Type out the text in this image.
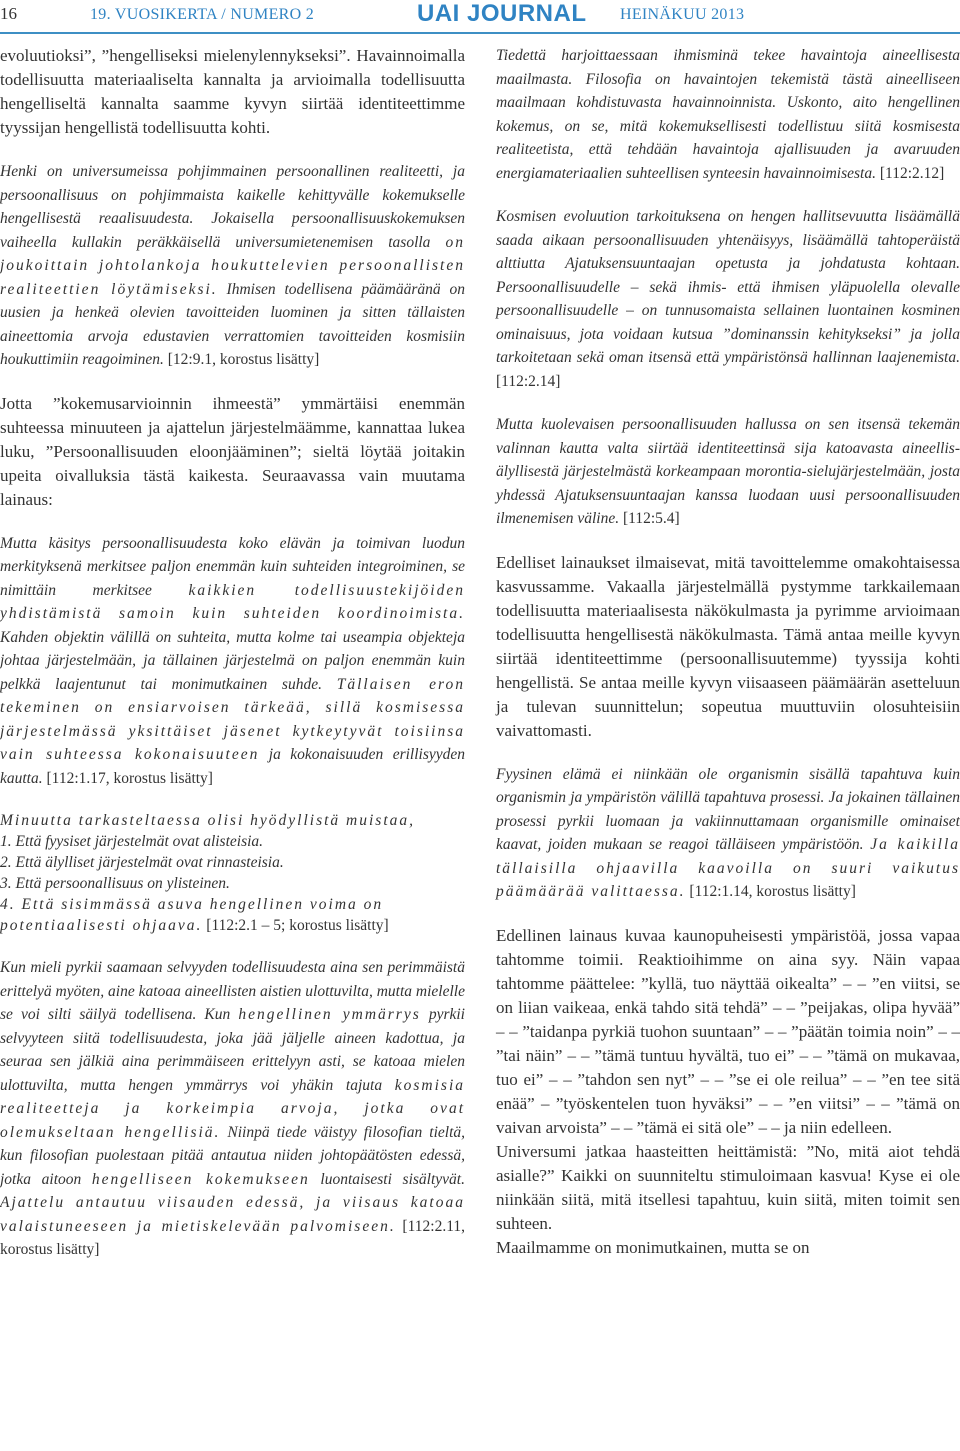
16	19. VUOSIKERTA / NUMERO 2	UAI JOURNAL HEINÄKUU 2013

evoluutioksi”, ”hengelliseksi mielenylennykseksi”. Havainnoimalla todellisuutta materiaaliselta kannalta ja arvioimalla todellisuutta hengelliseltä kannalta saamme kyvyn siirtää identiteettimme tyyssijan hengellistä todellisuutta kohti.

Henki on universumeissa pohjimmainen persoonallinen realiteetti, ja persoonallisuus on pohjimmaista kaikelle kehittyvälle kokemukselle hengellisestä reaalisuudesta. Jokaisella persoonallisuuskokemuksen vaiheella kullakin peräkkäisellä universumietenemisen tasolla on joukoittain johtolankoja houkuttelevien persoonallisten realiteettien löytämiseksi. Ihmisen todellisena päämääränä on uusien ja henkeä olevien tavoitteiden luominen ja sitten tällaisten aineettomia arvoja edustavien verrattomien tavoitteiden kosmisiin houkuttimiin reagoiminen. [12:9.1, korostus lisätty]

Jotta ”kokemusarvioinnin ihmeestä” ymmärtäisi enemmän suhteessa minuuteen ja ajattelun järjestelmäämme, kannattaa lukea luku, ”Persoonallisuuden eloonjääminen”; sieltä löytää joitakin upeita oivalluksia tästä kaikesta. Seuraavassa vain muutama lainaus:

Mutta käsitys persoonallisuudesta koko elävän ja toimivan luodun merkityksenä merkitsee paljon enemmän kuin suhteiden integroiminen, se nimittäin merkitsee kaikkien todellisuustekijöiden yhdistämistä samoin kuin suhteiden koordinoimista. Kahden objektin välillä on suhteita, mutta kolme tai useampia objekteja johtaa järjestelmään, ja tällainen järjestelmä on paljon enemmän kuin pelkkä laajentunut tai monimutkainen suhde. Tällaisen eron tekeminen on ensiarvoisen tärkeää, sillä kosmisessa järjestelmässä yksittäiset jäsenet kytkeytyvät toisiinsa vain suhteessa kokonaisuuteen ja kokonaisuuden erillisyyden kautta. [112:1.17, korostus lisätty]

Minuutta tarkasteltaessa olisi hyödyllistä muistaa,
1. Että fyysiset järjestelmät ovat alisteisia.
2. Että älylliset järjestelmät ovat rinnasteisia.
3. Että persoonallisuus on ylisteinen.
4. Että sisimmässä asuva hengellinen voima on potentiaalisesti ohjaava. [112:2.1 – 5; korostus lisätty]

Kun mieli pyrkii saamaan selvyyden todellisuudesta aina sen perimmäistä erittelyä myöten, aine katoaa aineellisten aistien ulottuvilta, mutta mielelle se voi silti säilyä todellisena. Kun hengellinen ymmärrys pyrkii selvyyteen siitä todellisuudesta, joka jää jäljelle aineen kadottua, ja seuraa sen jälkiä aina perimmäiseen erittelyyn asti, se katoaa mielen ulottuvilta, mutta hengen ymmärrys voi yhäkin tajuta kosmisia realiteetteja ja korkeimpia arvoja, jotka ovat olemukseltaan hengellisiä. Niinpä tiede väistyy filosofian tieltä, kun filosofian puolestaan pitää antautua niiden johtopäätösten edessä, jotka aitoon hengelliseen kokemukseen luontaisesti sisältyvät. Ajattelu antautuu viisauden edessä, ja viisaus katoaa valaistuneeseen ja mietiskelevään palvomiseen. [112:2.11, korostus lisätty]

Tiedettä harjoittaessaan ihmisminä tekee havaintoja aineellisesta maailmasta. Filosofia on havaintojen tekemistä tästä aineelliseen maailmaan kohdistuvasta havainnoinnista. Uskonto, aito hengellinen kokemus, on se, mitä kokemuksellisesti todellistuu siitä kosmisesta realiteetista, että tehdään havaintoja ajallisuuden ja avaruuden energiamateriaalien suhteellisen synteesin havainnoimisesta. [112:2.12]

Kosmisen evoluution tarkoituksena on hengen hallitsevuutta lisäämällä saada aikaan persoonallisuuden yhtenäisyys, lisäämällä tahtoperäistä alttiutta Ajatuksensuuntaajan opetusta ja johdatusta kohtaan. Persoonallisuudelle – sekä ihmis- että ihmisen yläpuolella olevalle persoonallisuudelle – on tunnusomaista sellainen luontainen kosminen ominaisuus, jota voidaan kutsua ”dominanssin kehitykseksi” ja jolla tarkoitetaan sekä oman itsensä että ympäristönsä hallinnan laajenemista. [112:2.14]

Mutta kuolevaisen persoonallisuuden hallussa on sen itsensä tekemän valinnan kautta valta siirtää identiteettinsä sija katoavasta aineellis-älyllisestä järjestelmästä korkeampaan morontia-sielujärjestelmään, josta yhdessä Ajatuksensuuntaajan kanssa luodaan uusi persoonallisuuden ilmenemisen väline. [112:5.4]

Edelliset lainaukset ilmaisevat, mitä tavoittelemme omakohtaisessa kasvussamme. Vakaalla järjestelmällä pystymme tarkkailemaan todellisuutta materiaalisesta näkökulmasta ja pyrimme arvioimaan todellisuutta hengellisestä näkökulmasta. Tämä antaa meille kyvyn siirtää identiteettimme (persoonallisuutemme) tyyssija kohti hengellistä. Se antaa meille kyvyn viisaaseen päämäärän asetteluun ja tulevan suunnittelun; sopeutua muuttuviin olosuhteisiin vaivattomasti.

Fyysinen elämä ei niinkään ole organismin sisällä tapahtuva kuin organismin ja ympäristön välillä tapahtuva prosessi. Ja jokainen tällainen prosessi pyrkii luomaan ja vakiinnuttamaan organismille ominaiset kaavat, joiden mukaan se reagoi tälläiseen ympäristöön. Ja kaikilla tällaisilla ohjaavilla kaavoilla on suuri vaikutus päämäärää valittaessa. [112:1.14, korostus lisätty]

Edellinen lainaus kuvaa kaunopuheisesti ympäristöä, jossa vapaa tahtomme toimii. Reaktioihimme on aina syy. Näin vapaa tahtomme päättelee: ”kyllä, tuo näyttää oikealta” – – ”en viitsi, se on liian vaikeaa, enkä tahdo sitä tehdä” – – ”peijakas, olipa hyvää” – – ”taidanpa pyrkiä tuohon suuntaan” – – ”päätän toimia noin” – – ”tai näin” – – ”tämä tuntuu hyvältä, tuo ei” – – ”tämä on mukavaa, tuo ei” – – ”tahdon sen nyt” – – ”se ei ole reilua” – – ”en tee sitä enää” – ”työskentelen tuon hyväksi” – – ”en viitsi” – – ”tämä on vaivan arvoista” – – ”tämä ei sitä ole” – – ja niin edelleen.

Universumi jatkaa haasteitten heittämistä: ”No, mitä aiot tehdä asialle?” Kaikki on suunniteltu stimuloimaan kasvua! Kyse ei ole niinkään siitä, mitä itsellesi tapahtuu, kuin siitä, miten toimit sen suhteen.

Maailmamme on monimutkainen, mutta se on
